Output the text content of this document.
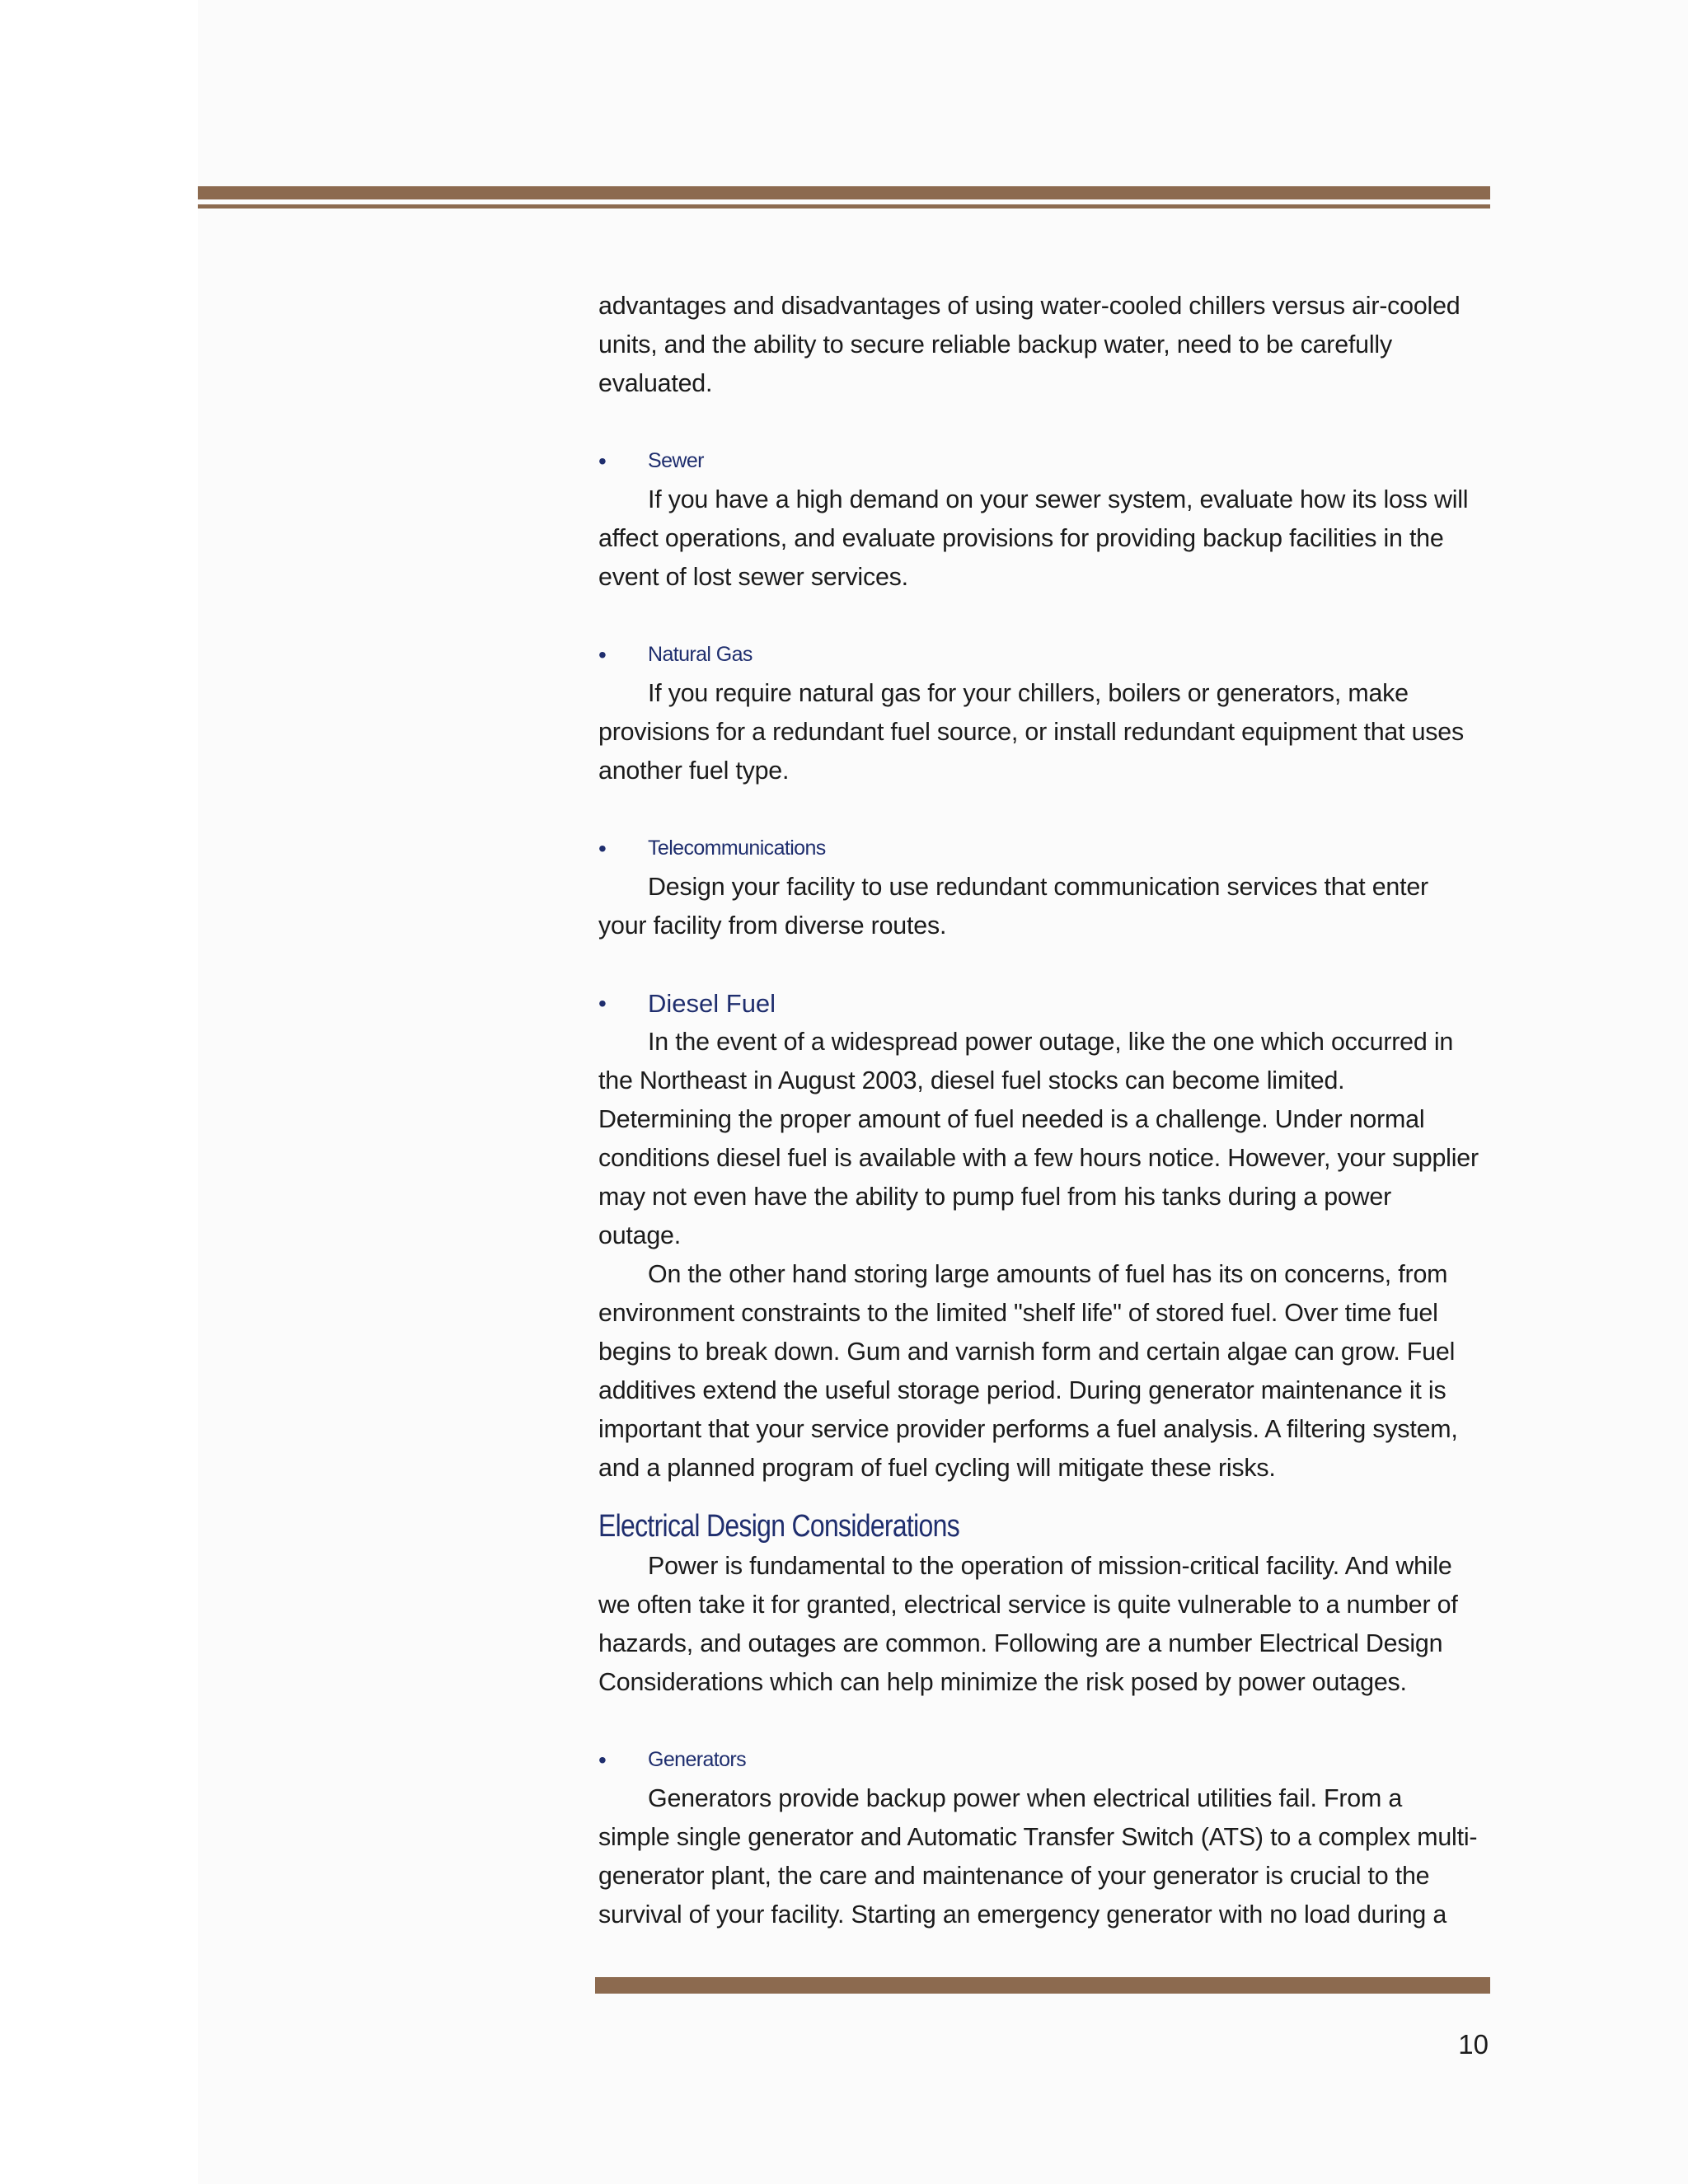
advantages and disadvantages of using water-cooled chillers versus air-cooled
units, and the ability to secure reliable backup water, need to be carefully
evaluated.
•	Sewer
If you have a high demand on your sewer system, evaluate how its loss will
affect operations, and evaluate provisions for providing backup facilities in the
event of lost sewer services.
•	Natural Gas
If you require natural gas for your chillers, boilers or generators, make
provisions for a redundant fuel source, or install redundant equipment that uses
another fuel type.
•	Telecommunications
Design your facility to use redundant communication services that enter
your facility from diverse routes.
•	Diesel Fuel
In the event of a widespread power outage, like the one which occurred in
the Northeast in August 2003, diesel fuel stocks can become limited.
Determining the proper amount of fuel needed is a challenge. Under normal
conditions diesel fuel is available with a few hours notice. However, your supplier
may not even have the ability to pump fuel from his tanks during a power
outage.
On the other hand storing large amounts of fuel has its on concerns, from
environment constraints to the limited "shelf life" of stored fuel. Over time fuel
begins to break down. Gum and varnish form and certain algae can grow. Fuel
additives extend the useful storage period. During generator maintenance it is
important that your service provider performs a fuel analysis. A filtering system,
and a planned program of fuel cycling will mitigate these risks.
Electrical Design Considerations
Power is fundamental to the operation of mission-critical facility. And while
we often take it for granted, electrical service is quite vulnerable to a number of
hazards, and outages are common. Following are a number Electrical Design
Considerations which can help minimize the risk posed by power outages.
•	Generators
Generators provide backup power when electrical utilities fail. From a
simple single generator and Automatic Transfer Switch (ATS) to a complex multi-
generator plant, the care and maintenance of your generator is crucial to the
survival of your facility. Starting an emergency generator with no load during a
10
